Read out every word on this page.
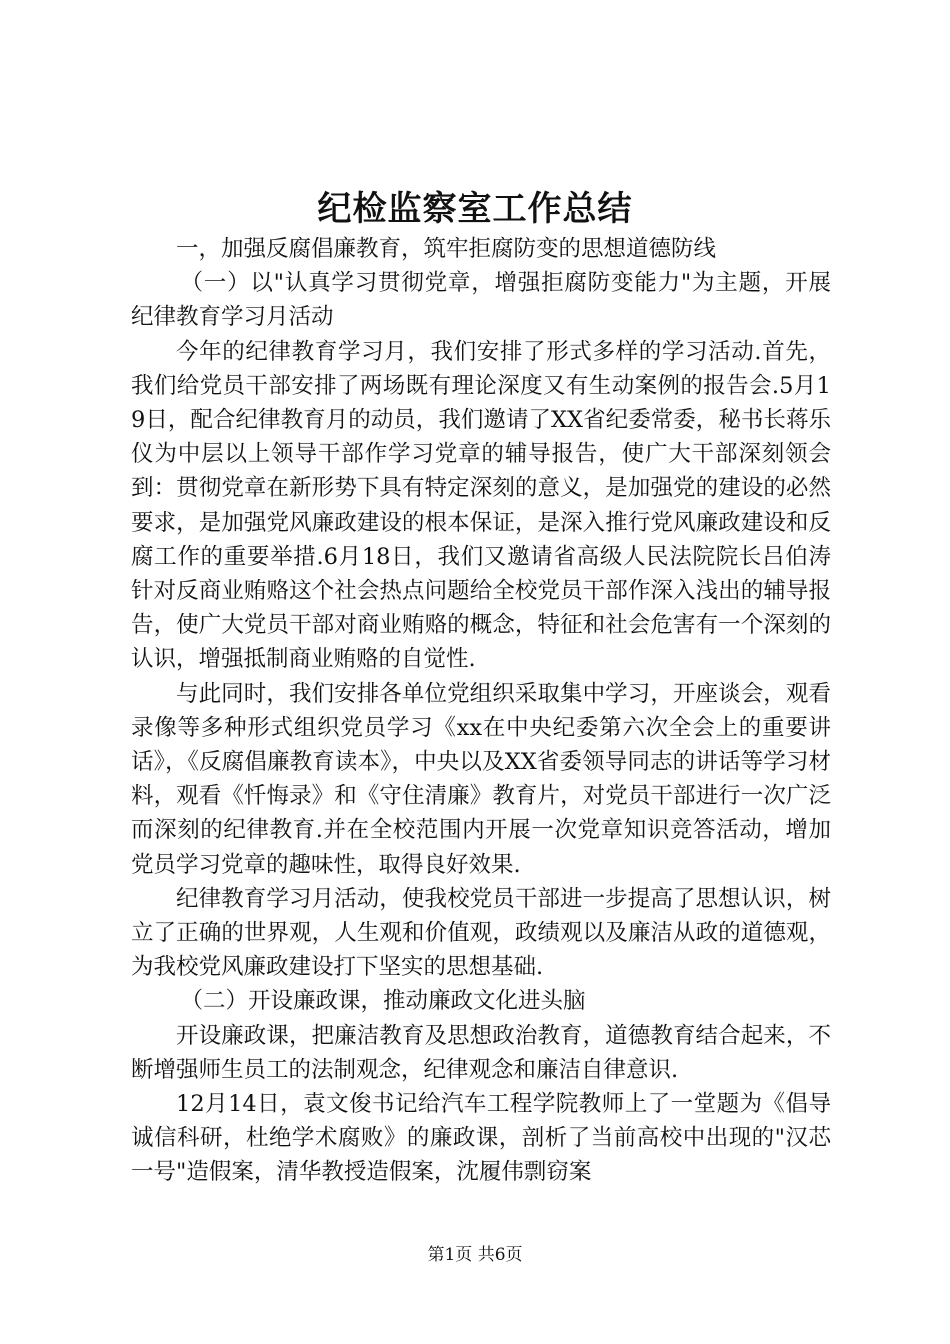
纪检监察室工作总结

一，加强反腐倡廉教育，筑牢拒腐防变的思想道德防线

（一）以"认真学习贯彻党章，增强拒腐防变能力"为主题，开展纪律教育学习月活动

今年的纪律教育学习月，我们安排了形式多样的学习活动.首先，我们给党员干部安排了两场既有理论深度又有生动案例的报告会.5月19日，配合纪律教育月的动员，我们邀请了XX省纪委常委，秘书长蒋乐仪为中层以上领导干部作学习党章的辅导报告，使广大干部深刻领会到：贯彻党章在新形势下具有特定深刻的意义，是加强党的建设的必然要求，是加强党风廉政建设的根本保证，是深入推行党风廉政建设和反腐工作的重要举措.6月18日，我们又邀请省高级人民法院院长吕伯涛针对反商业贿赂这个社会热点问题给全校党员干部作深入浅出的辅导报告，使广大党员干部对商业贿赂的概念，特征和社会危害有一个深刻的认识，增强抵制商业贿赂的自觉性.

与此同时，我们安排各单位党组织采取集中学习，开座谈会，观看录像等多种形式组织党员学习《xx在中央纪委第六次全会上的重要讲话》，《反腐倡廉教育读本》，中央以及XX省委领导同志的讲话等学习材料，观看《忏悔录》和《守住清廉》教育片，对党员干部进行一次广泛而深刻的纪律教育.并在全校范围内开展一次党章知识竞答活动，增加党员学习党章的趣味性，取得良好效果.

纪律教育学习月活动，使我校党员干部进一步提高了思想认识，树立了正确的世界观，人生观和价值观，政绩观以及廉洁从政的道德观，为我校党风廉政建设打下坚实的思想基础.

（二）开设廉政课，推动廉政文化进头脑

开设廉政课，把廉洁教育及思想政治教育，道德教育结合起来，不断增强师生员工的法制观念，纪律观念和廉洁自律意识.

12月14日，袁文俊书记给汽车工程学院教师上了一堂题为《倡导诚信科研，杜绝学术腐败》的廉政课，剖析了当前高校中出现的"汉芯一号"造假案，清华教授造假案，沈履伟剽窃案

第1页 共6页
